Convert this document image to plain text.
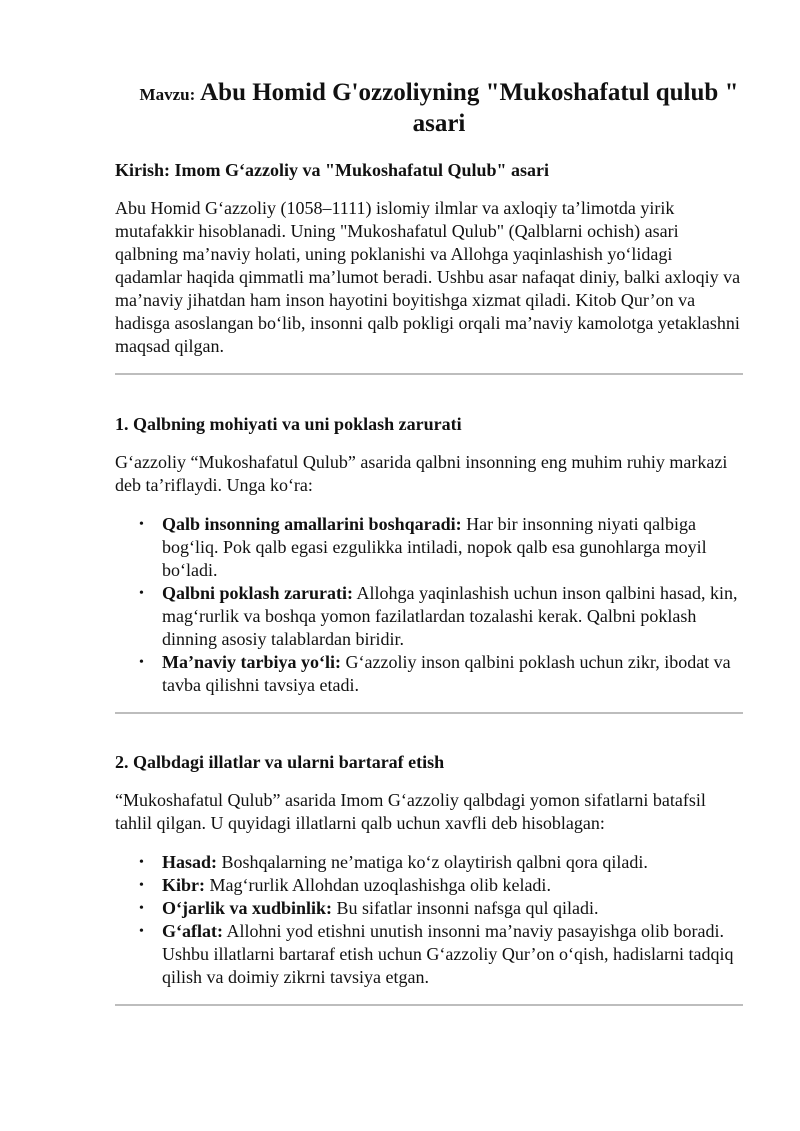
Mavzu: Abu Homid G'ozzoliyning "Mukoshafatul qulub " asari
Kirish: Imom G‘azzoliy va "Mukoshafatul Qulub" asari

Abu Homid G‘azzoliy (1058–1111) islomiy ilmlar va axloqiy ta’limotda yirik mutafakkir hisoblanadi. Uning "Mukoshafatul Qulub" (Qalblarni ochish) asari qalbning ma’naviy holati, uning poklanishi va Allohga yaqinlashish yo‘lidagi qadamlar haqida qimmatli ma’lumot beradi. Ushbu asar nafaqat diniy, balki axloqiy va ma’naviy jihatdan ham inson hayotini boyitishga xizmat qiladi. Kitob Qur’on va hadisga asoslangan bo‘lib, insonni qalb pokligi orqali ma’naviy kamolotga yetaklashni maqsad qilgan.

1. Qalbning mohiyati va uni poklash zarurati

G‘azzoliy “Mukoshafatul Qulub” asarida qalbni insonning eng muhim ruhiy markazi deb ta’riflaydi. Unga ko‘ra:

• Qalb insonning amallarini boshqaradi: Har bir insonning niyati qalbiga bog‘liq. Pok qalb egasi ezgulikka intiladi, nopok qalb esa gunohlarga moyil bo‘ladi.
• Qalbni poklash zarurati: Allohga yaqinlashish uchun inson qalbini hasad, kin, mag‘rurlik va boshqa yomon fazilatlardan tozalashi kerak. Qalbni poklash dinning asosiy talablardan biridir.
• Ma’naviy tarbiya yo‘li: G‘azzoliy inson qalbini poklash uchun zikr, ibodat va tavba qilishni tavsiya etadi.
2. Qalbdagi illatlar va ularni bartaraf etish

“Mukoshafatul Qulub” asarida Imom G‘azzoliy qalbdagi yomon sifatlarni batafsil tahlil qilgan. U quyidagi illatlarni qalb uchun xavfli deb hisoblagan:

• Hasad: Boshqalarning ne’matiga ko‘z olaytirish qalbni qora qiladi.
• Kibr: Mag‘rurlik Allohdan uzoqlashishga olib keladi.
• O‘jarlik va xudbinlik: Bu sifatlar insonni nafsga qul qiladi.
• G‘aflat: Allohni yod etishni unutish insonni ma’naviy pasayishga olib boradi.
Ushbu illatlarni bartaraf etish uchun G‘azzoliy Qur’on o‘qish, hadislarni tadqiq qilish va doimiy zikrni tavsiya etgan.
